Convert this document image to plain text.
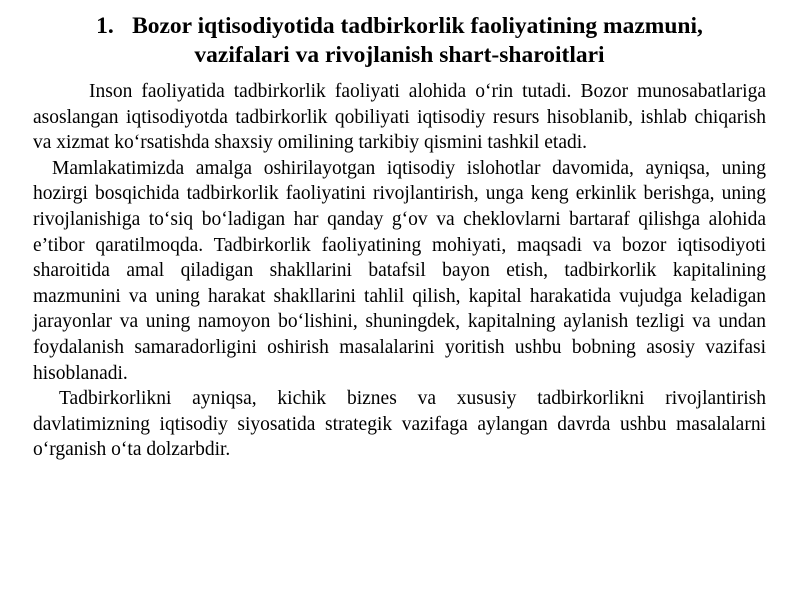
1. Bozor iqtisodiyotida tadbirkorlik faoliyatining mazmuni,
vazifalari va rivojlanish shart-sharoitlari

Inson faoliyatida tadbirkorlik faoliyati alohida o‘rin tutadi. Bozor munosabatlariga asoslangan iqtisodiyotda tadbirkorlik qobiliyati iqtisodiy resurs hisoblanib, ishlab chiqarish va xizmat ko‘rsatishda shaxsiy omilining tarkibiy qismini tashkil etadi.

Mamlakatimizda amalga oshirilayotgan iqtisodiy islohotlar davomida, ayniqsa, uning hozirgi bosqichida tadbirkorlik faoliyatini rivojlantirish, unga keng erkinlik berishga, uning rivojlanishiga to‘siq bo‘ladigan har qanday g‘ov va cheklovlarni bartaraf qilishga alohida e’tibor qaratilmoqda. Tadbirkorlik faoliyatining mohiyati, maqsadi va bozor iqtisodiyoti sharoitida amal qiladigan shakllarini batafsil bayon etish, tadbirkorlik kapitalining mazmunini va uning harakat shakllarini tahlil qilish, kapital harakatida vujudga keladigan jarayonlar va uning namoyon bo‘lishini, shuningdek, kapitalning aylanish tezligi va undan foydalanish samaradorligini oshirish masalalarini yoritish ushbu bobning asosiy vazifasi hisoblanadi.

Tadbirkorlikni ayniqsa, kichik biznes va xususiy tadbirkorlikni rivojlantirish davlatimizning iqtisodiy siyosatida strategik vazifaga aylangan davrda ushbu masalalarni o‘rganish o‘ta dolzarbdir.
